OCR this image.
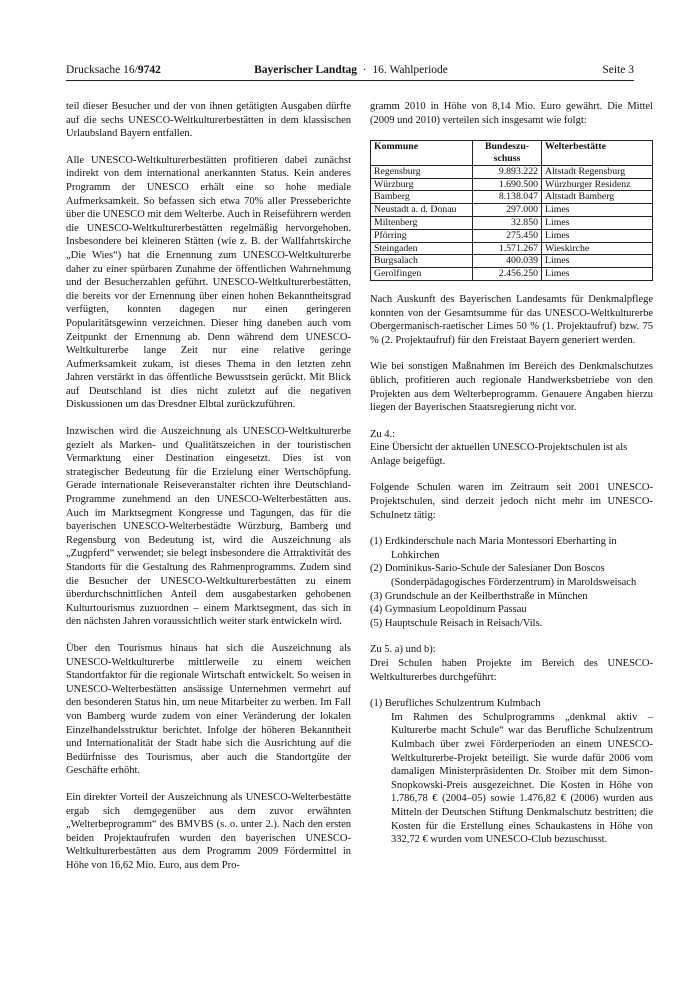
Drucksache 16/9742	Bayerischer Landtag · 16. Wahlperiode	Seite 3

teil dieser Besucher und der von ihnen getätigten Ausgaben dürfte auf die sechs UNESCO-Weltkulturerbestätten in dem klassischen Urlaubsland Bayern entfallen.

Alle UNESCO-Weltkulturerbestätten profitieren dabei zunächst indirekt von dem international anerkannten Status. Kein anderes Programm der UNESCO erhält eine so hohe mediale Aufmerksamkeit. So befassen sich etwa 70% aller Presseberichte über die UNESCO mit dem Welterbe. Auch in Reiseführern werden die UNESCO-Weltkulturerbestätten regelmäßig hervorgehoben. Insbesondere bei kleineren Stätten (wie z. B. der Wallfahrtskirche „Die Wies“) hat die Ernennung zum UNESCO-Weltkulturerbe daher zu einer spürbaren Zunahme der öffentlichen Wahrnehmung und der Besucherzahlen geführt. UNESCO-Weltkulturerbestätten, die bereits vor der Ernennung über einen hohen Bekanntheitsgrad verfügten, konnten dagegen nur einen geringeren Popularitätsgewinn verzeichnen. Dieser hing daneben auch vom Zeitpunkt der Ernennung ab. Denn während dem UNESCO-Weltkulturerbe lange Zeit nur eine relative geringe Aufmerksamkeit zukam, ist dieses Thema in den letzten zehn Jahren verstärkt in das öffentliche Bewusstsein gerückt. Mit Blick auf Deutschland ist dies nicht zuletzt auf die negativen Diskussionen um das Dresdner Elbtal zurückzuführen.

Inzwischen wird die Auszeichnung als UNESCO-Weltkulturerbe gezielt als Marken- und Qualitätszeichen in der touristischen Vermarktung einer Destination eingesetzt. Dies ist von strategischer Bedeutung für die Erzielung einer Wertschöpfung. Gerade internationale Reiseveranstalter richten ihre Deutschland-Programme zunehmend an den UNESCO-Welterbestätten aus. Auch im Marktsegment Kongresse und Tagungen, das für die bayerischen UNESCO-Welterbestädte Würzburg, Bamberg und Regensburg von Bedeutung ist, wird die Auszeichnung als „Zugpferd“ verwendet; sie belegt insbesondere die Attraktivität des Standorts für die Gestaltung des Rahmenprogramms. Zudem sind die Besucher der UNESCO-Weltkulturerbestätten zu einem überdurchschnittlichen Anteil dem ausgabestarken gehobenen Kulturtourismus zuzuordnen – einem Marktsegment, das sich in den nächsten Jahren voraussichtlich weiter stark entwickeln wird.

Über den Tourismus hinaus hat sich die Auszeichnung als UNESCO-Weltkulturerbe mittlerweile zu einem weichen Standortfaktor für die regionale Wirtschaft entwickelt. So weisen in UNESCO-Welterbestätten ansässige Unternehmen vermehrt auf den besonderen Status hin, um neue Mitarbeiter zu werben. Im Fall von Bamberg wurde zudem von einer Veränderung der lokalen Einzelhandelsstruktur berichtet. Infolge der höheren Bekanntheit und Internationalität der Stadt habe sich die Ausrichtung auf die Bedürfnisse des Tourismus, aber auch die Standortgüte der Geschäfte erhöht.

Ein direkter Vorteil der Auszeichnung als UNESCO-Welterbestätte ergab sich demgegenüber aus dem zuvor erwähnten „Welterbeprogramm“ des BMVBS (s. o. unter 2.). Nach den ersten beiden Projektaufrufen wurden den bayerischen UNESCO-Weltkulturerbestätten aus dem Programm 2009 Fördermittel in Höhe von 16,62 Mio. Euro, aus dem Pro-

gramm 2010 in Höhe von 8,14 Mio. Euro gewährt. Die Mittel (2009 und 2010) verteilen sich insgesamt wie folgt:

Kommune	Bundeszu-schuss	Welterbestätte
Regensburg	9.893.222	Altstadt Regensburg
Würzburg	1.690.500	Würzburger Residenz
Bamberg	8.138.047	Altstadt Bamberg
Neustadt a. d. Donau	297.000	Limes
Miltenberg	32.850	Limes
Pförring	275.450	Limes
Steingaden	1.571.267	Wieskirche
Burgsalach	400.039	Limes
Gerolfingen	2.456.250	Limes

Nach Auskunft des Bayerischen Landesamts für Denkmalpflege konnten von der Gesamtsumme für das UNESCO-Weltkulturerbe Obergermanisch-raetischer Limes 50 % (1. Projektaufruf) bzw. 75 % (2. Projektaufruf) für den Freistaat Bayern generiert werden.

Wie bei sonstigen Maßnahmen im Bereich des Denkmalschutzes üblich, profitieren auch regionale Handwerksbetriebe von den Projekten aus dem Welterbeprogramm. Genauere Angaben hierzu liegen der Bayerischen Staatsregierung nicht vor.

Zu 4.:
Eine Übersicht der aktuellen UNESCO-Projektschulen ist als Anlage beigefügt.

Folgende Schulen waren im Zeitraum seit 2001 UNESCO-Projektschulen, sind derzeit jedoch nicht mehr im UNESCO-Schulnetz tätig:

(1) Erdkinderschule nach Maria Montessori Eberharting in Lohkirchen
(2) Dominikus-Sario-Schule der Salesianer Don Boscos (Sonderpädagogisches Förderzentrum) in Maroldsweisach
(3) Grundschule an der Keilberthstraße in München
(4) Gymnasium Leopoldinum Passau
(5) Hauptschule Reisach in Reisach/Vils.

Zu 5. a) und b):
Drei Schulen haben Projekte im Bereich des UNESCO-Weltkulturerbes durchgeführt:

(1) Berufliches Schulzentrum Kulmbach
Im Rahmen des Schulprogramms „denkmal aktiv – Kulturerbe macht Schule“ war das Berufliche Schulzentrum Kulmbach über zwei Förderperioden an einem UNESCO-Weltkulturerbe-Projekt beteiligt. Sie wurde dafür 2006 vom damaligen Ministerpräsidenten Dr. Stoiber mit dem Simon-Snopkowski-Preis ausgezeichnet. Die Kosten in Höhe von 1.786,78 € (2004–05) sowie 1.476,82 € (2006) wurden aus Mitteln der Deutschen Stiftung Denkmalschutz bestritten; die Kosten für die Erstellung eines Schaukastens in Höhe von 332,72 € wurden vom UNESCO-Club bezuschusst.
